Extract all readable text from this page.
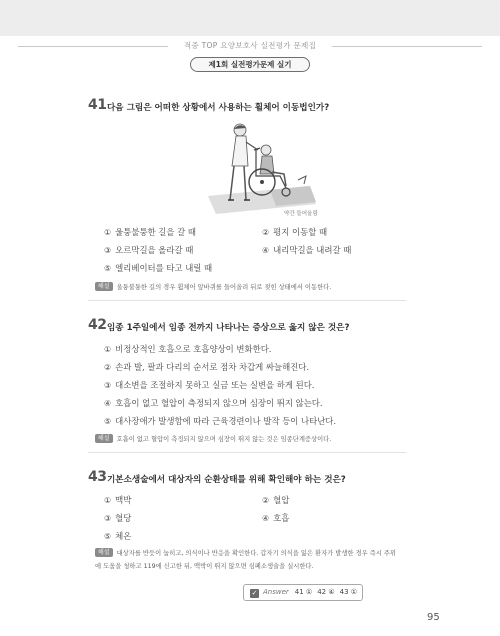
적중 TOP 요양보호사 실전평가 문제집
제1회 실전평가문제 실기
41 다음 그림은 어떠한 상황에서 사용하는 휠체어 이동법인가?
약간 들어올림
① 울퉁불퉁한 길을 갈 때	② 평지 이동할 때
③ 오르막길을 올라갈 때	④ 내리막길을 내려갈 때
⑤ 엘리베이터를 타고 내릴 때
해설 울퉁불퉁한 길의 경우 휠체어 앞바퀴를 들어올려 뒤로 젖힌 상태에서 이동한다.
42 임종 1주일에서 임종 전까지 나타나는 증상으로 옳지 않은 것은?
① 비정상적인 호흡으로 호흡양상이 변화한다.
② 손과 발, 팔과 다리의 순서로 점차 차갑게 싸늘해진다.
③ 대소변을 조절하지 못하고 실금 또는 실변을 하게 된다.
④ 호흡이 없고 혈압이 측정되지 않으며 심장이 뛰지 않는다.
⑤ 대사장애가 발생함에 따라 근육경련이나 발작 등이 나타난다.
해설 호흡이 없고 혈압이 측정되지 않으며 심장이 뛰지 않는 것은 임종단계증상이다.
43 기본소생술에서 대상자의 순환상태를 위해 확인해야 하는 것은?
① 맥박	② 혈압
③ 혈당	④ 호흡
⑤ 체온
해설 대상자를 반듯이 눕히고, 의식이나 반응을 확인한다. 갑자기 의식을 잃은 환자가 발생한 경우 즉시 주위
에 도움을 청하고 119에 신고한 뒤, 맥박이 뛰지 않으면 심폐소생술을 실시한다.
✓ Answer 41 ① 42 ④ 43 ①
95
